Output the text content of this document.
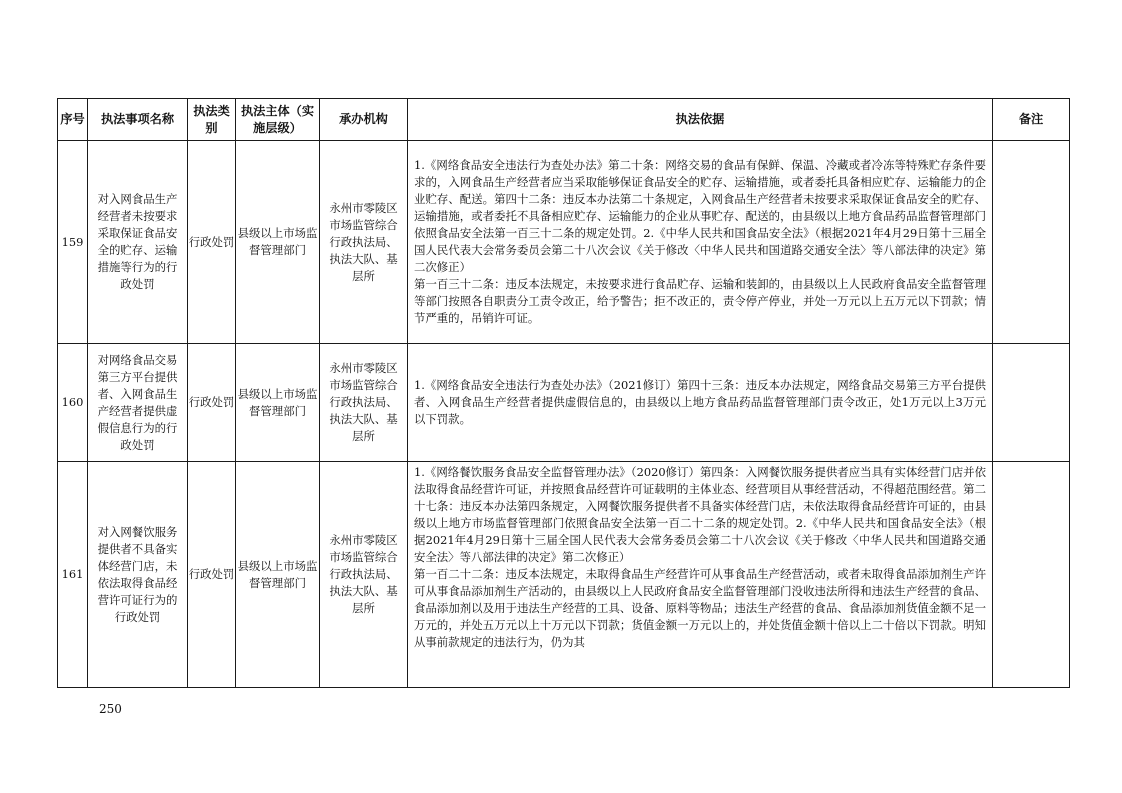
序号	执法事项名称	执法类别	执法主体（实施层级）	承办机构	执法依据	备注
159	对入网食品生产经营者未按要求采取保证食品安全的贮存、运输措施等行为的行政处罚	行政处罚	县级以上市场监督管理部门	永州市零陵区市场监管综合行政执法局、执法大队、基层所	1.《网络食品安全违法行为查处办法》第二十条：网络交易的食品有保鲜、保温、冷藏或者冷冻等特殊贮存条件要求的，入网食品生产经营者应当采取能够保证食品安全的贮存、运输措施，或者委托具备相应贮存、运输能力的企业贮存、配送。第四十二条：违反本办法第二十条规定，入网食品生产经营者未按要求采取保证食品安全的贮存、运输措施，或者委托不具备相应贮存、运输能力的企业从事贮存、配送的，由县级以上地方食品药品监督管理部门依照食品安全法第一百三十二条的规定处罚。2.《中华人民共和国食品安全法》（根据2021年4月29日第十三届全国人民代表大会常务委员会第二十八次会议《关于修改〈中华人民共和国道路交通安全法〉等八部法律的决定》第二次修正）

第一百三十二条：违反本法规定，未按要求进行食品贮存、运输和装卸的，由县级以上人民政府食品安全监督管理等部门按照各自职责分工责令改正，给予警告；拒不改正的，责令停产停业，并处一万元以上五万元以下罚款；情节严重的，吊销许可证。	

160	对网络食品交易第三方平台提供者、入网食品生产经营者提供虚假信息行为的行政处罚	行政处罚	县级以上市场监督管理部门	永州市零陵区市场监管综合行政执法局、执法大队、基层所	1.《网络食品安全违法行为查处办法》（2021修订）第四十三条：违反本办法规定，网络食品交易第三方平台提供者、入网食品生产经营者提供虚假信息的，由县级以上地方食品药品监督管理部门责令改正，处1万元以上3万元以下罚款。	

161	对入网餐饮服务提供者不具备实体经营门店，未依法取得食品经营许可证行为的行政处罚	行政处罚	县级以上市场监督管理部门	永州市零陵区市场监管综合行政执法局、执法大队、基层所	1.《网络餐饮服务食品安全监督管理办法》（2020修订）第四条：入网餐饮服务提供者应当具有实体经营门店并依法取得食品经营许可证，并按照食品经营许可证载明的主体业态、经营项目从事经营活动，不得超范围经营。第二十七条：违反本办法第四条规定，入网餐饮服务提供者不具备实体经营门店，未依法取得食品经营许可证的，由县级以上地方市场监督管理部门依照食品安全法第一百二十二条的规定处罚。2.《中华人民共和国食品安全法》（根据2021年4月29日第十三届全国人民代表大会常务委员会第二十八次会议《关于修改〈中华人民共和国道路交通安全法〉等八部法律的决定》第二次修正）

第一百二十二条：违反本法规定，未取得食品生产经营许可从事食品生产经营活动，或者未取得食品添加剂生产许可从事食品添加剂生产活动的，由县级以上人民政府食品安全监督管理部门没收违法所得和违法生产经营的食品、食品添加剂以及用于违法生产经营的工具、设备、原料等物品；违法生产经营的食品、食品添加剂货值金额不足一万元的，并处五万元以上十万元以下罚款；货值金额一万元以上的，并处货值金额十倍以上二十倍以下罚款。明知从事前款规定的违法行为，仍为其	

250
